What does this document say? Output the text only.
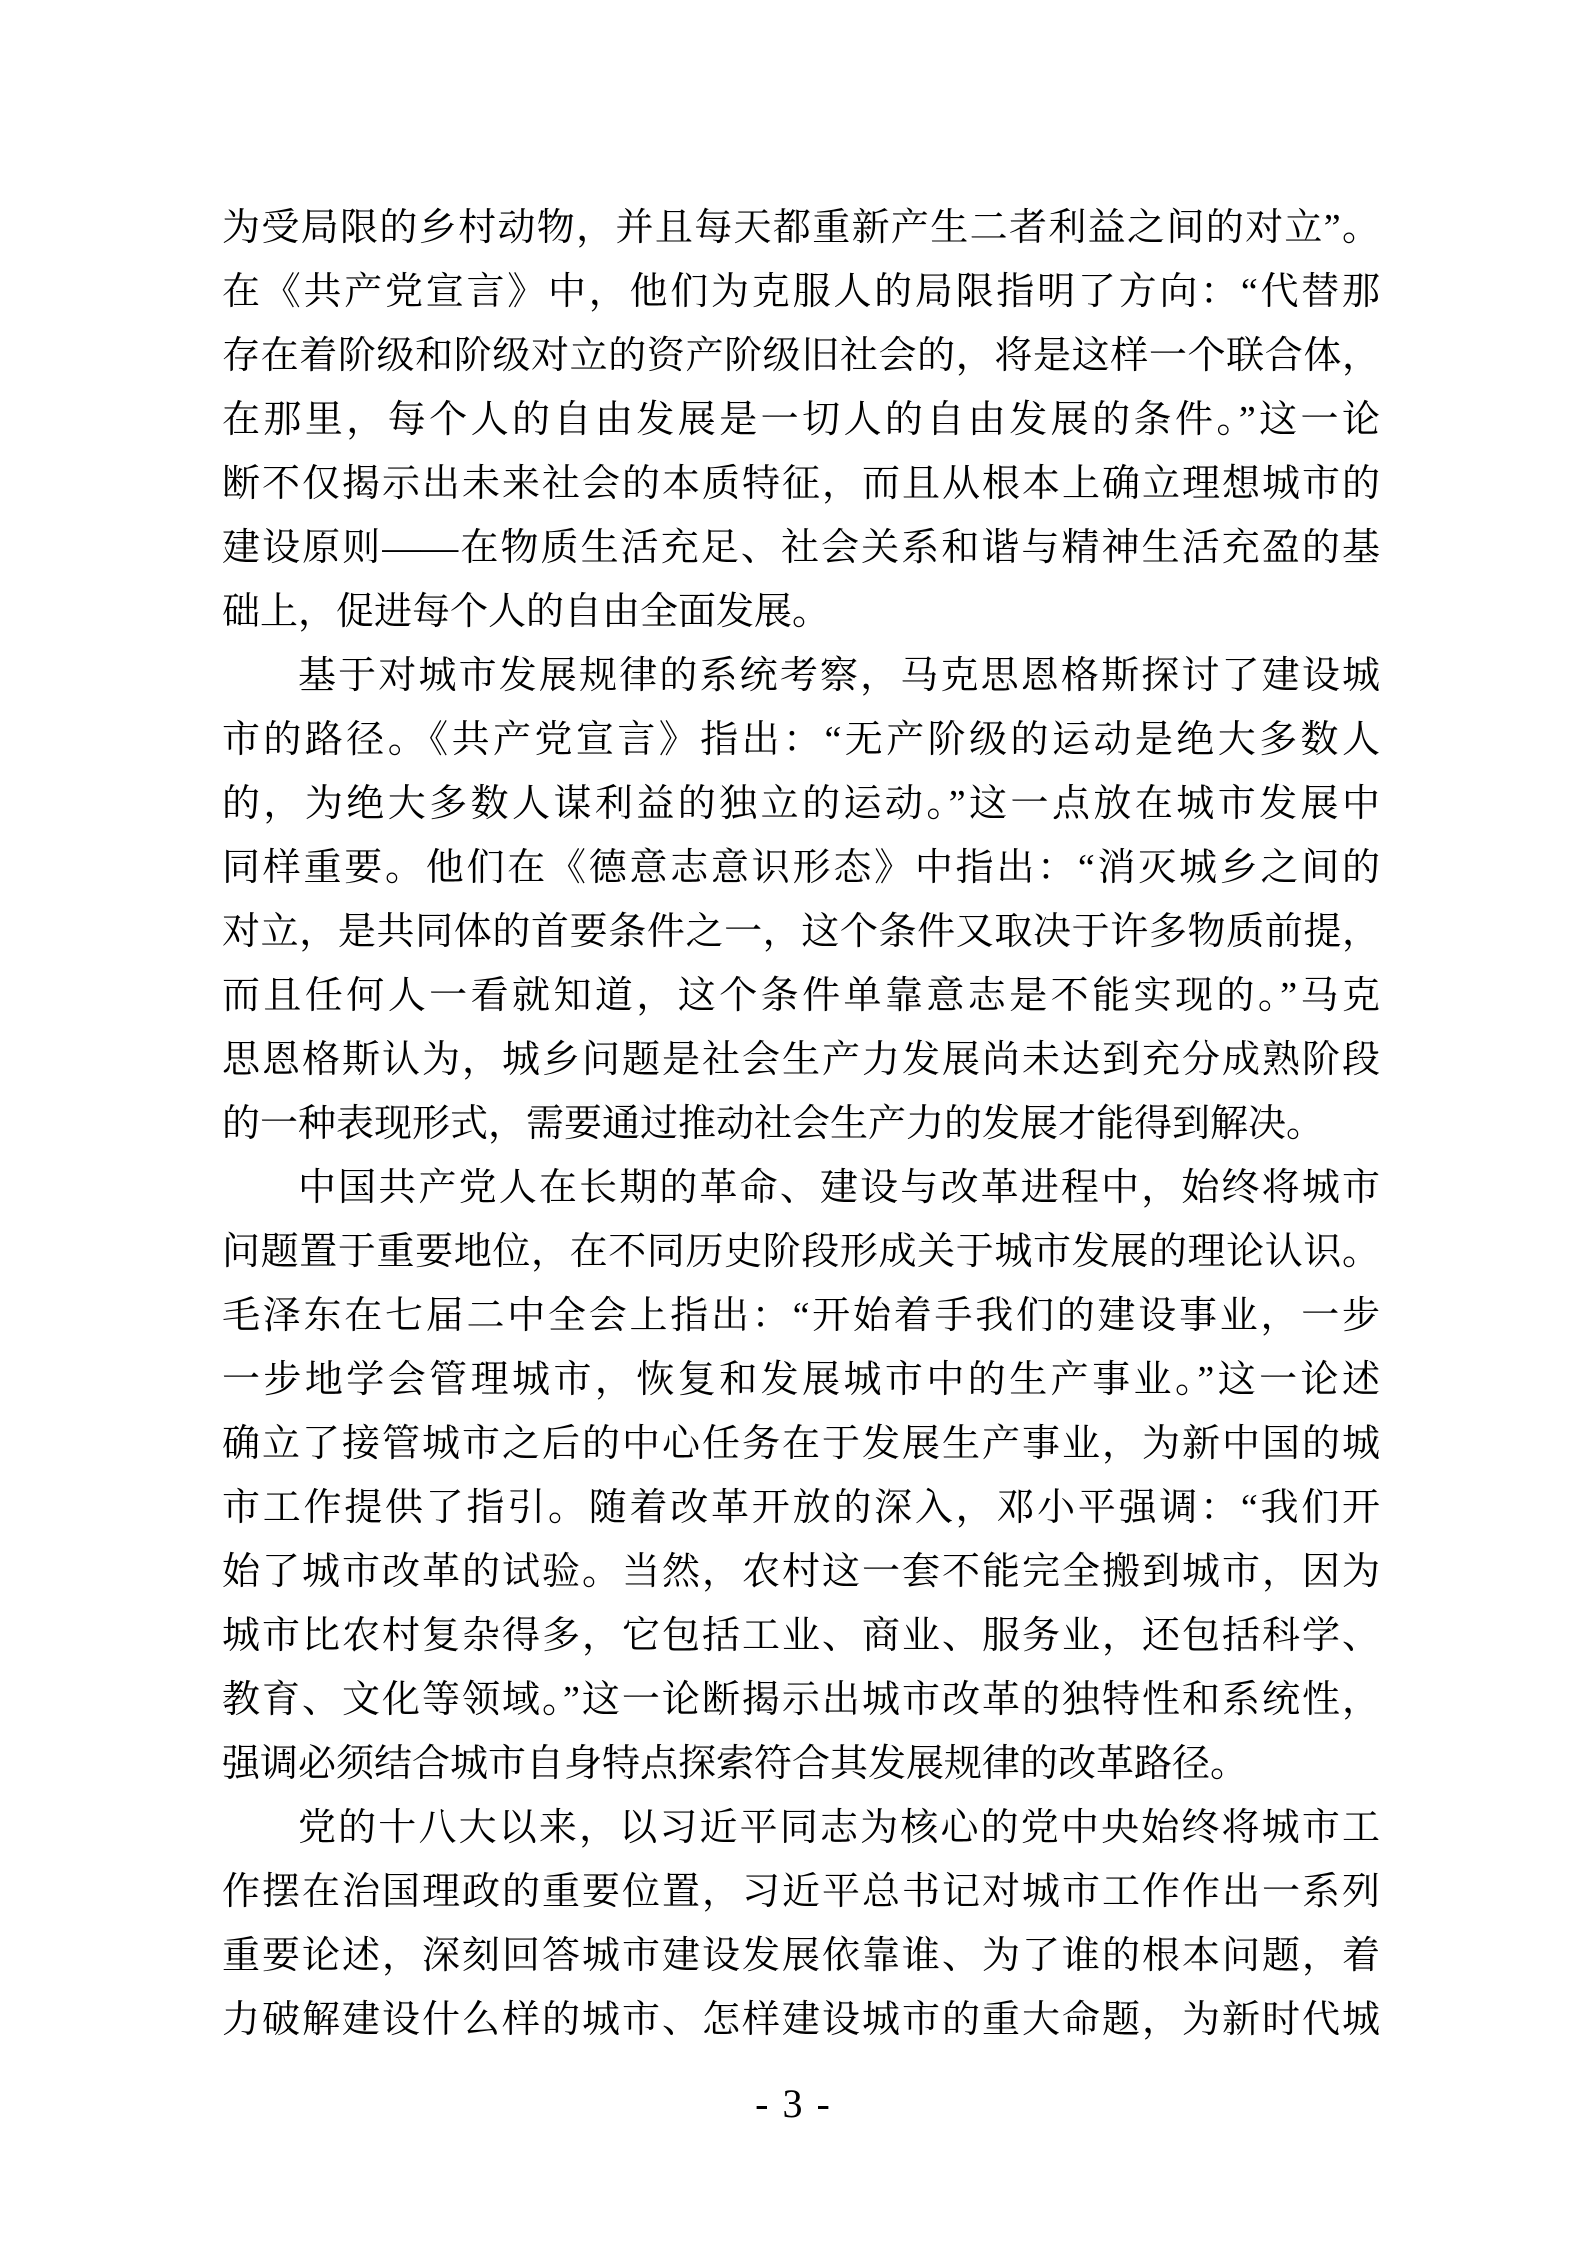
为受局限的乡村动物，并且每天都重新产生二者利益之间的对立”。
在《共产党宣言》中，他们为克服人的局限指明了方向：“代替那
存在着阶级和阶级对立的资产阶级旧社会的，将是这样一个联合体，
在那里，每个人的自由发展是一切人的自由发展的条件。”这一论
断不仅揭示出未来社会的本质特征，而且从根本上确立理想城市的
建设原则——在物质生活充足、社会关系和谐与精神生活充盈的基
础上，促进每个人的自由全面发展。
基于对城市发展规律的系统考察，马克思恩格斯探讨了建设城
市的路径。《共产党宣言》指出：“无产阶级的运动是绝大多数人
的，为绝大多数人谋利益的独立的运动。”这一点放在城市发展中
同样重要。他们在《德意志意识形态》中指出：“消灭城乡之间的
对立，是共同体的首要条件之一，这个条件又取决于许多物质前提，
而且任何人一看就知道，这个条件单靠意志是不能实现的。”马克
思恩格斯认为，城乡问题是社会生产力发展尚未达到充分成熟阶段
的一种表现形式，需要通过推动社会生产力的发展才能得到解决。
中国共产党人在长期的革命、建设与改革进程中，始终将城市
问题置于重要地位，在不同历史阶段形成关于城市发展的理论认识。
毛泽东在七届二中全会上指出：“开始着手我们的建设事业，一步
一步地学会管理城市，恢复和发展城市中的生产事业。”这一论述
确立了接管城市之后的中心任务在于发展生产事业，为新中国的城
市工作提供了指引。随着改革开放的深入，邓小平强调：“我们开
始了城市改革的试验。当然，农村这一套不能完全搬到城市，因为
城市比农村复杂得多，它包括工业、商业、服务业，还包括科学、
教育、文化等领域。”这一论断揭示出城市改革的独特性和系统性，
强调必须结合城市自身特点探索符合其发展规律的改革路径。
党的十八大以来，以习近平同志为核心的党中央始终将城市工
作摆在治国理政的重要位置，习近平总书记对城市工作作出一系列
重要论述，深刻回答城市建设发展依靠谁、为了谁的根本问题，着
力破解建设什么样的城市、怎样建设城市的重大命题，为新时代城
- 3 -
